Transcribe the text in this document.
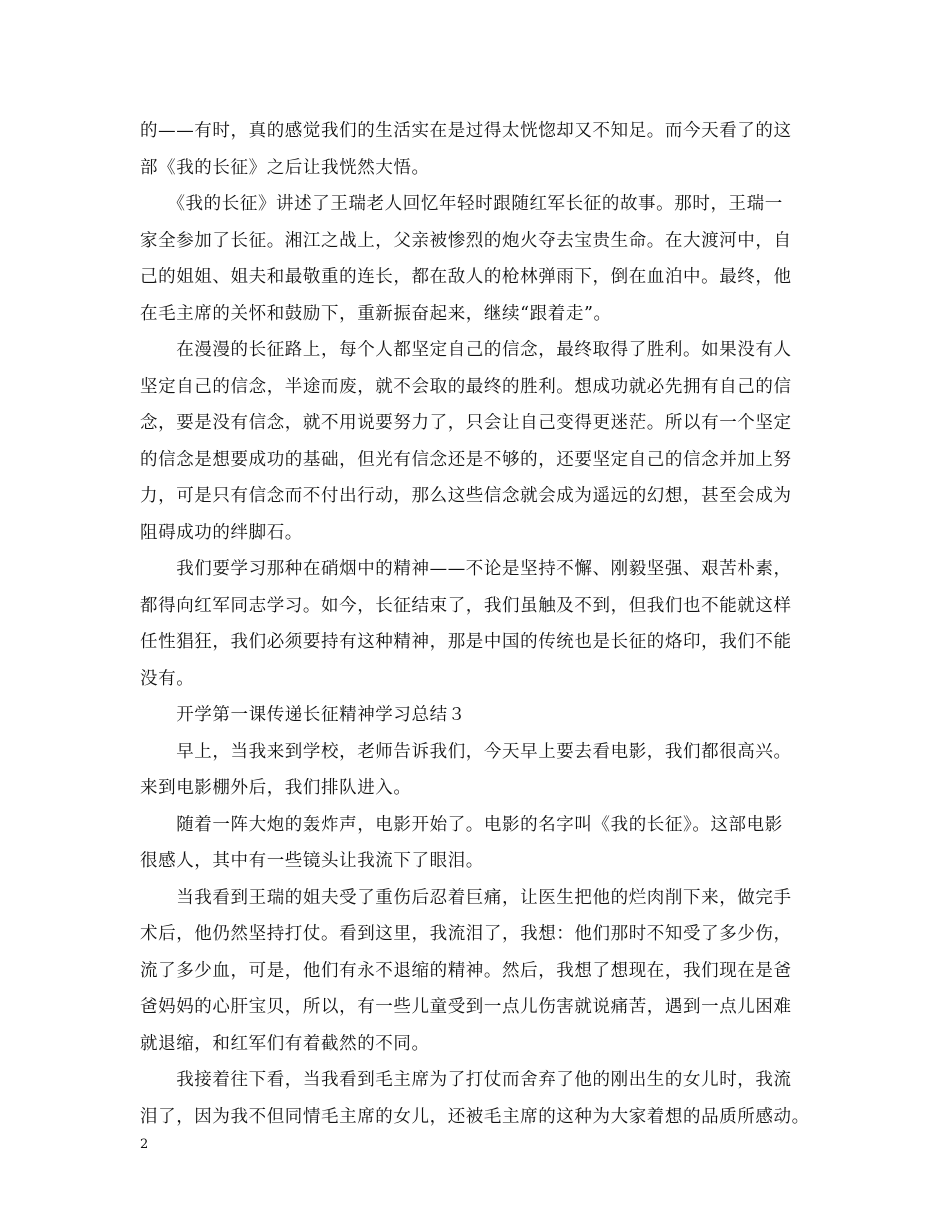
的——有时，真的感觉我们的生活实在是过得太恍惚却又不知足。而今天看了的这
部《我的长征》之后让我恍然大悟。
　　《我的长征》讲述了王瑞老人回忆年轻时跟随红军长征的故事。那时，王瑞一
家全参加了长征。湘江之战上，父亲被惨烈的炮火夺去宝贵生命。在大渡河中，自
己的姐姐、姐夫和最敬重的连长，都在敌人的枪林弹雨下，倒在血泊中。最终，他
在毛主席的关怀和鼓励下，重新振奋起来，继续“跟着走”。
　　在漫漫的长征路上，每个人都坚定自己的信念，最终取得了胜利。如果没有人
坚定自己的信念，半途而废，就不会取的最终的胜利。想成功就必先拥有自己的信
念，要是没有信念，就不用说要努力了，只会让自己变得更迷茫。所以有一个坚定
的信念是想要成功的基础，但光有信念还是不够的，还要坚定自己的信念并加上努
力，可是只有信念而不付出行动，那么这些信念就会成为遥远的幻想，甚至会成为
阻碍成功的绊脚石。
　　我们要学习那种在硝烟中的精神——不论是坚持不懈、刚毅坚强、艰苦朴素，
都得向红军同志学习。如今，长征结束了，我们虽触及不到，但我们也不能就这样
任性猖狂，我们必须要持有这种精神，那是中国的传统也是长征的烙印，我们不能
没有。
　　开学第一课传递长征精神学习总结３
　　早上，当我来到学校，老师告诉我们，今天早上要去看电影，我们都很高兴。
来到电影棚外后，我们排队进入。
　　随着一阵大炮的轰炸声，电影开始了。电影的名字叫《我的长征》。这部电影
很感人，其中有一些镜头让我流下了眼泪。
　　当我看到王瑞的姐夫受了重伤后忍着巨痛，让医生把他的烂肉削下来，做完手
术后，他仍然坚持打仗。看到这里，我流泪了，我想：他们那时不知受了多少伤，
流了多少血，可是，他们有永不退缩的精神。然后，我想了想现在，我们现在是爸
爸妈妈的心肝宝贝，所以，有一些儿童受到一点儿伤害就说痛苦，遇到一点儿困难
就退缩，和红军们有着截然的不同。
　　我接着往下看，当我看到毛主席为了打仗而舍弃了他的刚出生的女儿时，我流
泪了，因为我不但同情毛主席的女儿，还被毛主席的这种为大家着想的品质所感动。
2
